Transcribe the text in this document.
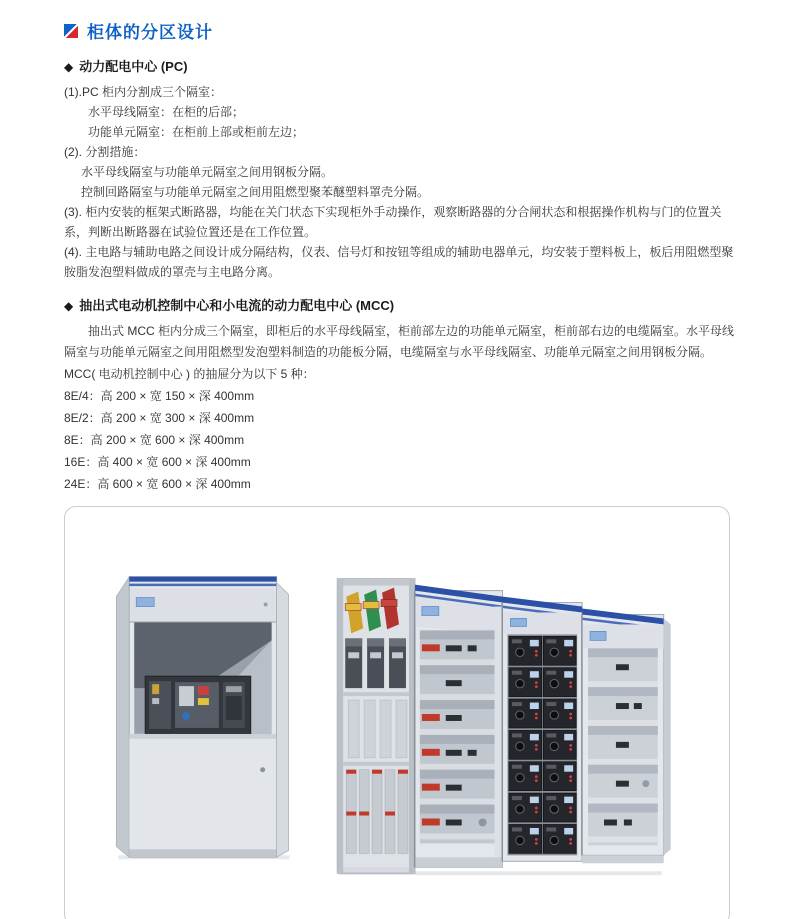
柜体的分区设计
◆ 动力配电中心 (PC)
(1).PC 柜内分割成三个隔室：
水平母线隔室：在柜的后部；
功能单元隔室：在柜前上部或柜前左边；
(2). 分割措施：
水平母线隔室与功能单元隔室之间用钢板分隔。
控制回路隔室与功能单元隔室之间用阻燃型聚苯醚塑料罩壳分隔。
(3). 柜内安装的框架式断路器，均能在关门状态下实现柜外手动操作，观察断路器的分合闸状态和根据操作机构与门的位置关系，判断出断路器在试验位置还是在工作位置。
(4). 主电路与辅助电路之间设计成分隔结构，仪表、信号灯和按钮等组成的辅助电器单元，均安装于塑料板上，板后用阻燃型聚胺脂发泡塑料做成的罩壳与主电路分离。
◆ 抽出式电动机控制中心和小电流的动力配电中心 (MCC)

抽出式 MCC 柜内分成三个隔室，即柜后的水平母线隔室，柜前部左边的功能单元隔室，柜前部右边的电缆隔室。水平母线隔室与功能单元隔室之间用阻燃型发泡塑料制造的功能板分隔，电缆隔室与水平母线隔室、功能单元隔室之间用钢板分隔。

MCC( 电动机控制中心 ) 的抽屉分为以下 5 种：
8E/4：高 200 × 宽 150 × 深 400mm
8E/2：高 200 × 宽 300 × 深 400mm
8E：高 200 × 宽 600 × 深 400mm
16E：高 400 × 宽 600 × 深 400mm
24E：高 600 × 宽 600 × 深 400mm
